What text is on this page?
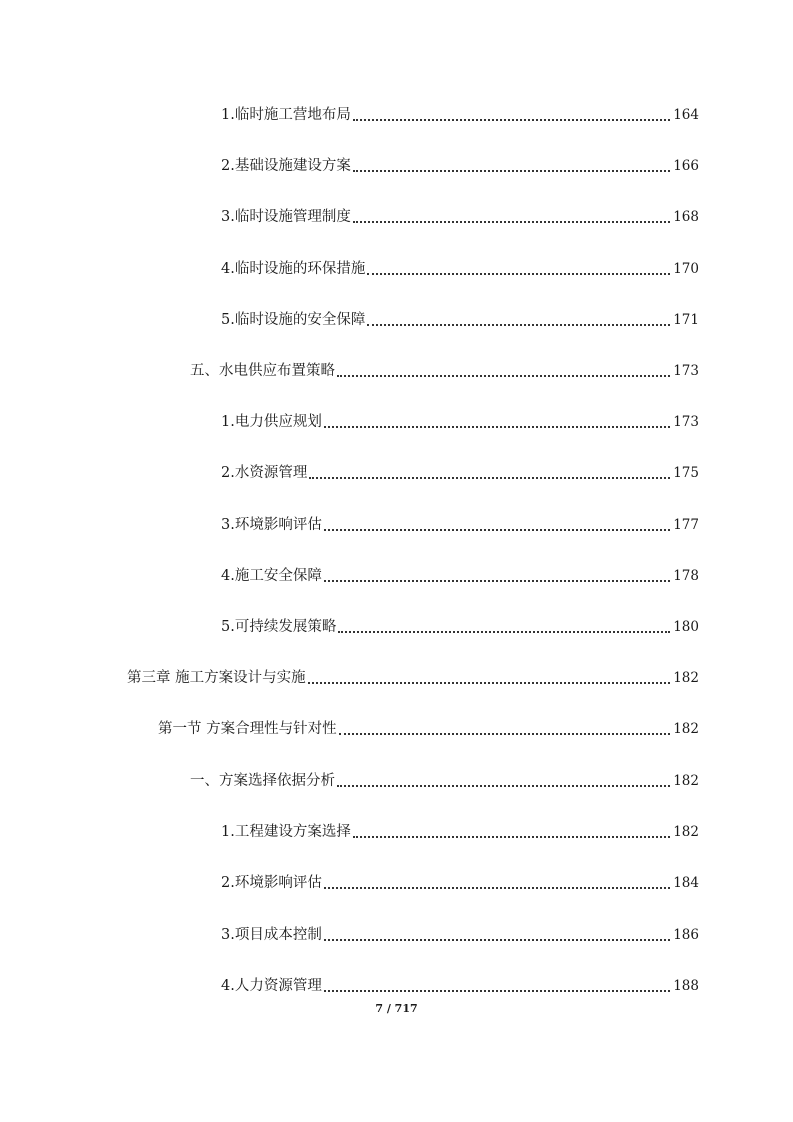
1.临时施工营地布局	164
2.基础设施建设方案	166
3.临时设施管理制度	168
4.临时设施的环保措施	170
5.临时设施的安全保障	171
五、水电供应布置策略	173
1.电力供应规划	173
2.水资源管理	175
3.环境影响评估	177
4.施工安全保障	178
5.可持续发展策略	180
第三章 施工方案设计与实施	182
第一节 方案合理性与针对性	182
一、方案选择依据分析	182
1.工程建设方案选择	182
2.环境影响评估	184
3.项目成本控制	186
4.人力资源管理	188
7 / 717
